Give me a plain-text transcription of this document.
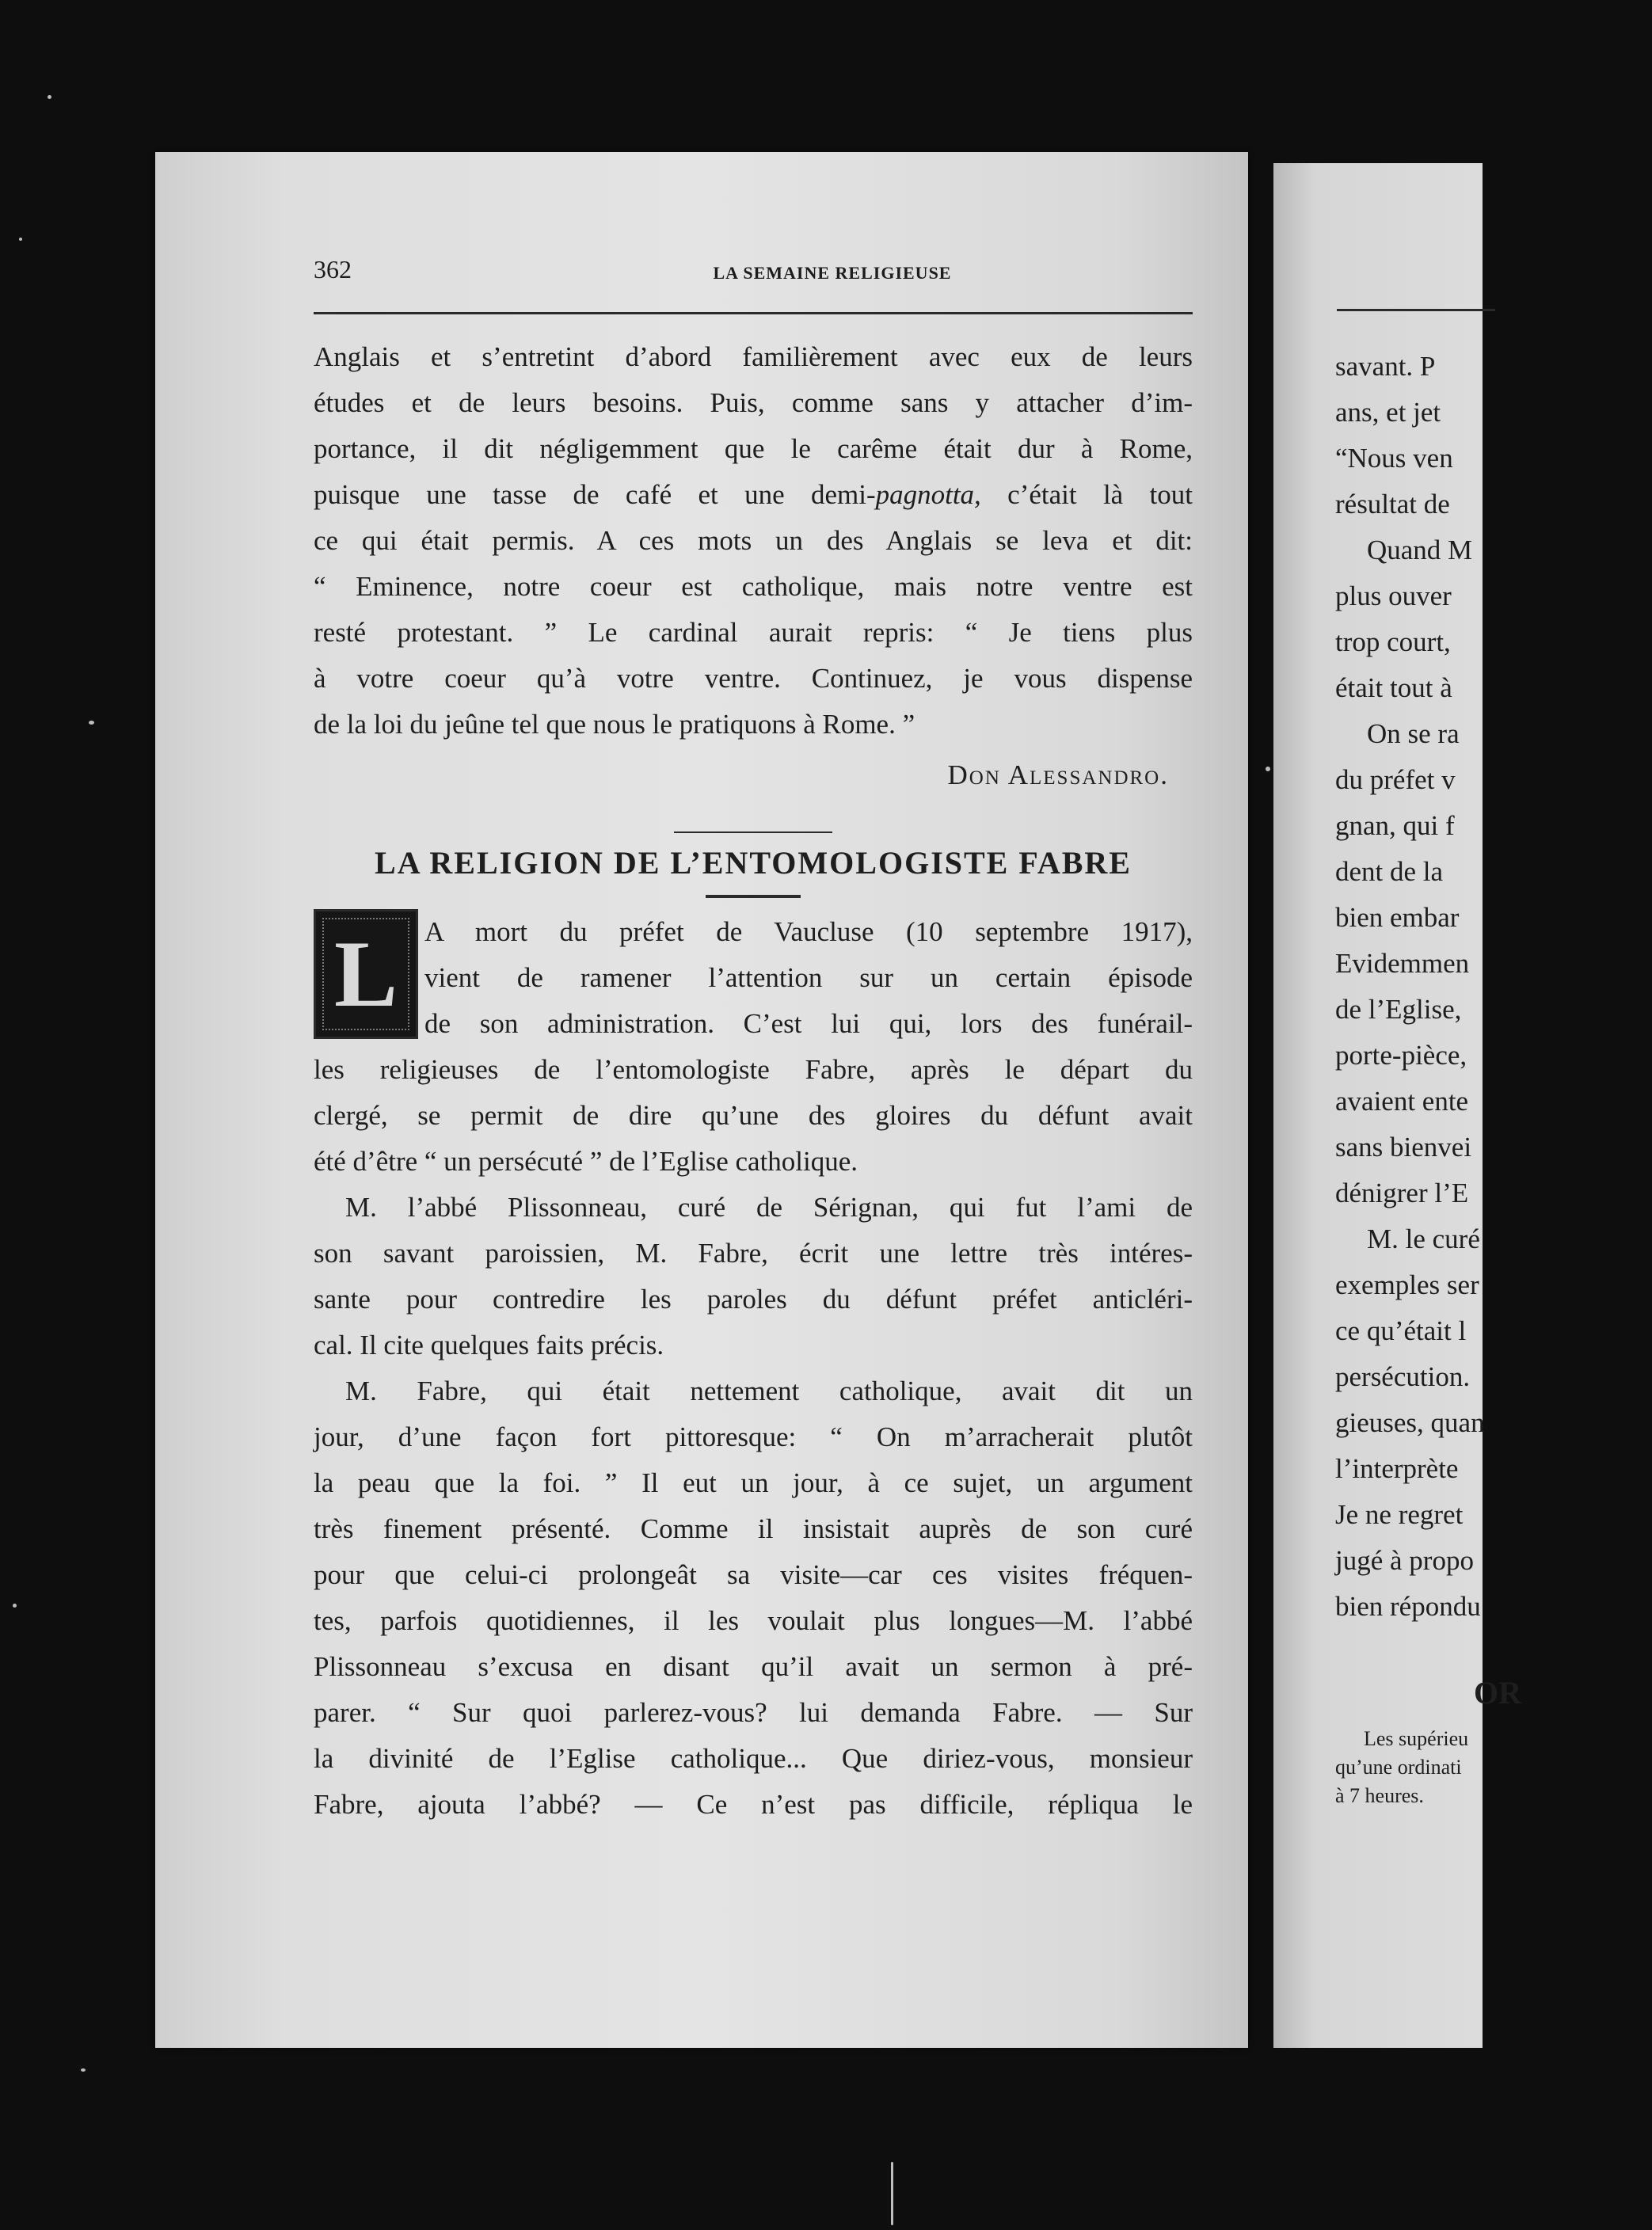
362	LA SEMAINE RELIGIEUSE
Anglais et s’entretint d’abord familièrement avec eux de leurs
études et de leurs besoins. Puis, comme sans y attacher d’im-
portance, il dit négligemment que le carême était dur à Rome,
puisque une tasse de café et une demi-pagnotta, c’était là tout
ce qui était permis. A ces mots un des Anglais se leva et dit:
“ Eminence, notre coeur est catholique, mais notre ventre est
resté protestant. ” Le cardinal aurait repris: “ Je tiens plus
à votre coeur qu’à votre ventre. Continuez, je vous dispense
de la loi du jeûne tel que nous le pratiquons à Rome. ”
Don Alessandro.
LA RELIGION DE L’ENTOMOLOGISTE FABRE
L A mort du préfet de Vaucluse (10 septembre 1917),
vient de ramener l’attention sur un certain épisode
de son administration. C’est lui qui, lors des funérail-
les religieuses de l’entomologiste Fabre, après le départ du
clergé, se permit de dire qu’une des gloires du défunt avait
été d’être “ un persécuté ” de l’Eglise catholique.
M. l’abbé Plissonneau, curé de Sérignan, qui fut l’ami de
son savant paroissien, M. Fabre, écrit une lettre très intéres-
sante pour contredire les paroles du défunt préfet anticléri-
cal. Il cite quelques faits précis.
M. Fabre, qui était nettement catholique, avait dit un
jour, d’une façon fort pittoresque: “ On m’arracherait plutôt
la peau que la foi. ” Il eut un jour, à ce sujet, un argument
très finement présenté. Comme il insistait auprès de son curé
pour que celui-ci prolongeât sa visite—car ces visites fréquen-
tes, parfois quotidiennes, il les voulait plus longues—M. l’abbé
Plissonneau s’excusa en disant qu’il avait un sermon à pré-
parer. “ Sur quoi parlerez-vous? lui demanda Fabre. — Sur
la divinité de l’Eglise catholique... Que diriez-vous, monsieur
Fabre, ajouta l’abbé? — Ce n’est pas difficile, répliqua le
savant. P
ans, et jet
“Nous ven
résultat de
Quand M
plus ouver
trop court,
était tout à
On se ra
du préfet v
gnan, qui f
dent de la
bien embar
Evidemmen
de l’Eglise,
porte-pièce,
avaient ente
sans bienvei
dénigrer l’E
M. le curé
exemples ser
ce qu’était l
persécution.
gieuses, quan
l’interprète
Je ne regret
jugé à propo
bien répondu
OR
Les supérieu
qu’une ordinati
à 7 heures.
